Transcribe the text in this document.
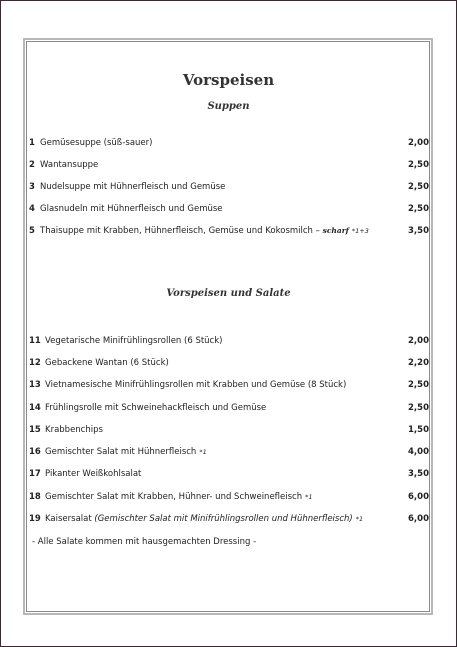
Vorspeisen
Suppen
1 Gemüsesuppe (süß-sauer)	2,00
2 Wantansuppe	2,50
3 Nudelsuppe mit Hühnerfleisch und Gemüse	2,50
4 Glasnudeln mit Hühnerfleisch und Gemüse	2,50
5 Thaisuppe mit Krabben, Hühnerfleisch, Gemüse und Kokosmilch – scharf *1+3	3,50
Vorspeisen und Salate
11 Vegetarische Minifrühlingsrollen (6 Stück)	2,00
12 Gebackene Wantan (6 Stück)	2,20
13 Vietnamesische Minifrühlingsrollen mit Krabben und Gemüse (8 Stück)	2,50
14 Frühlingsrolle mit Schweinehackfleisch und Gemüse	2,50
15 Krabbenchips	1,50
16 Gemischter Salat mit Hühnerfleisch *1	4,00
17 Pikanter Weißkohlsalat	3,50
18 Gemischter Salat mit Krabben, Hühner- und Schweinefleisch *1	6,00
19 Kaisersalat (Gemischter Salat mit Minifrühlingsrollen und Hühnerfleisch) *1	6,00
- Alle Salate kommen mit hausgemachten Dressing -
